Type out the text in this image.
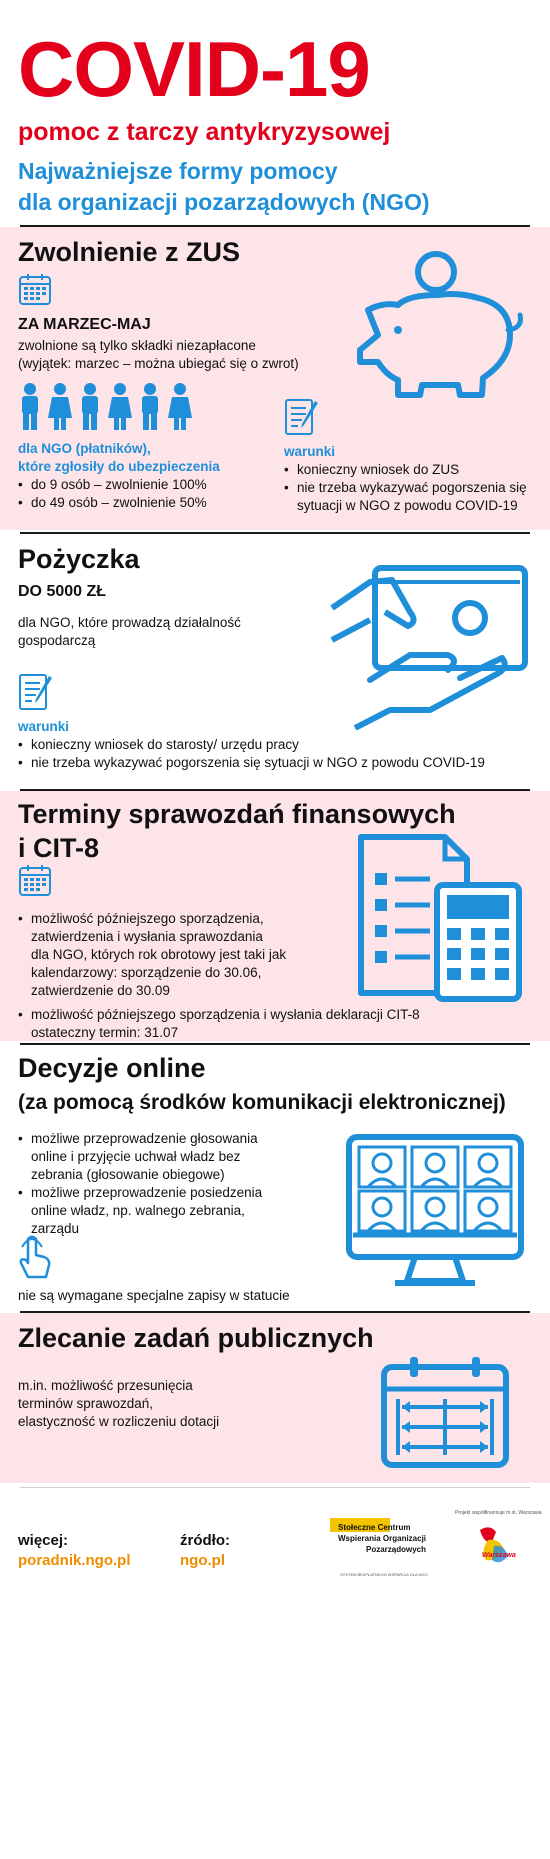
COVID-19
pomoc z tarczy antykryzysowej
Najważniejsze formy pomocy
dla organizacji pozarządowych (NGO)
Zwolnienie z ZUS
ZA MARZEC-MAJ
zwolnione są tylko składki niezapłacone
(wyjątek: marzec – można ubiegać się o zwrot)
dla NGO (płatników),
które zgłosiły do ubezpieczenia
• do 9 osób – zwolnienie 100%
• do 49 osób – zwolnienie 50%
warunki
• konieczny wniosek do ZUS
• nie trzeba wykazywać pogorszenia się sytuacji w NGO z powodu COVID-19
Pożyczka
DO 5000 ZŁ
dla NGO, które prowadzą działalność gospodarczą
warunki
• konieczny wniosek do starosty/ urzędu pracy
• nie trzeba wykazywać pogorszenia się sytuacji w NGO z powodu COVID-19
Terminy sprawozdań finansowych
i CIT-8
• możliwość późniejszego sporządzenia,
zatwierdzenia i wysłania sprawozdania
dla NGO, których rok obrotowy jest taki jak kalendarzowy: sporządzenie do 30.06, zatwierdzenie do 30.09
• możliwość późniejszego sporządzenia i wysłania deklaracji CIT-8
ostateczny termin: 31.07
Decyzje online
(za pomocą środków komunikacji elektronicznej)
• możliwe przeprowadzenie głosowania online i przyjęcie uchwał władz bez zebrania (głosowanie obiegowe)
• możliwe przeprowadzenie posiedzenia online władz, np. walnego zebrania, zarządu
nie są wymagane specjalne zapisy w statucie
Zlecanie zadań publicznych
m.in. możliwość przesunięcia terminów sprawozdań, elastyczność w rozliczeniu dotacji
więcej:
poradnik.ngo.pl
źródło:
ngo.pl
Stołeczne Centrum
Wspierania Organizacji
Pozarządowych
SYSTEM BEZPŁATNEGO WSPARCIA DLA NGO
Projekt współfinansuje m.st. Warszawa
Warszawa
